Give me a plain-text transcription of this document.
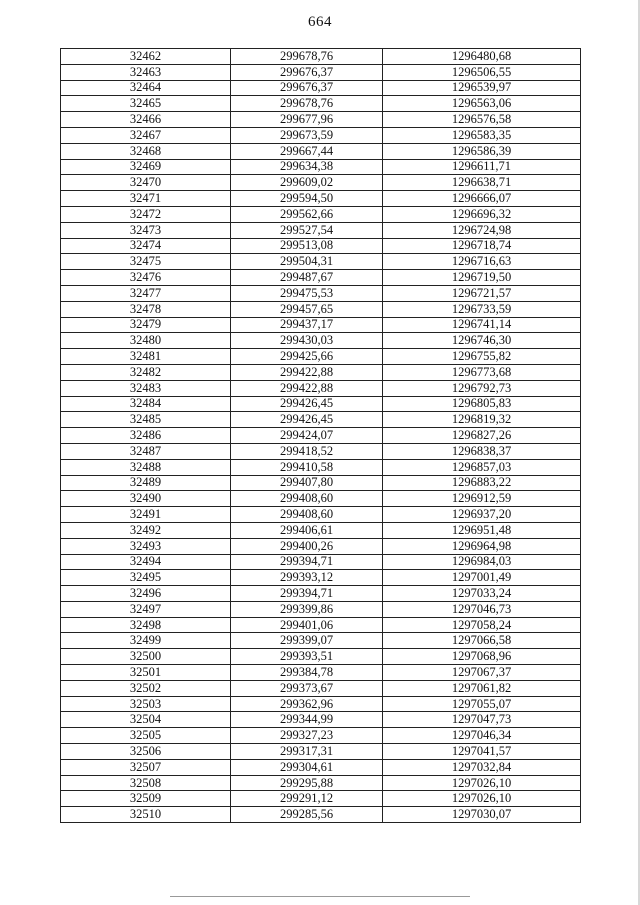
664
32462	299678,76	1296480,68
32463	299676,37	1296506,55
32464	299676,37	1296539,97
32465	299678,76	1296563,06
32466	299677,96	1296576,58
32467	299673,59	1296583,35
32468	299667,44	1296586,39
32469	299634,38	1296611,71
32470	299609,02	1296638,71
32471	299594,50	1296666,07
32472	299562,66	1296696,32
32473	299527,54	1296724,98
32474	299513,08	1296718,74
32475	299504,31	1296716,63
32476	299487,67	1296719,50
32477	299475,53	1296721,57
32478	299457,65	1296733,59
32479	299437,17	1296741,14
32480	299430,03	1296746,30
32481	299425,66	1296755,82
32482	299422,88	1296773,68
32483	299422,88	1296792,73
32484	299426,45	1296805,83
32485	299426,45	1296819,32
32486	299424,07	1296827,26
32487	299418,52	1296838,37
32488	299410,58	1296857,03
32489	299407,80	1296883,22
32490	299408,60	1296912,59
32491	299408,60	1296937,20
32492	299406,61	1296951,48
32493	299400,26	1296964,98
32494	299394,71	1296984,03
32495	299393,12	1297001,49
32496	299394,71	1297033,24
32497	299399,86	1297046,73
32498	299401,06	1297058,24
32499	299399,07	1297066,58
32500	299393,51	1297068,96
32501	299384,78	1297067,37
32502	299373,67	1297061,82
32503	299362,96	1297055,07
32504	299344,99	1297047,73
32505	299327,23	1297046,34
32506	299317,31	1297041,57
32507	299304,61	1297032,84
32508	299295,88	1297026,10
32509	299291,12	1297026,10
32510	299285,56	1297030,07
